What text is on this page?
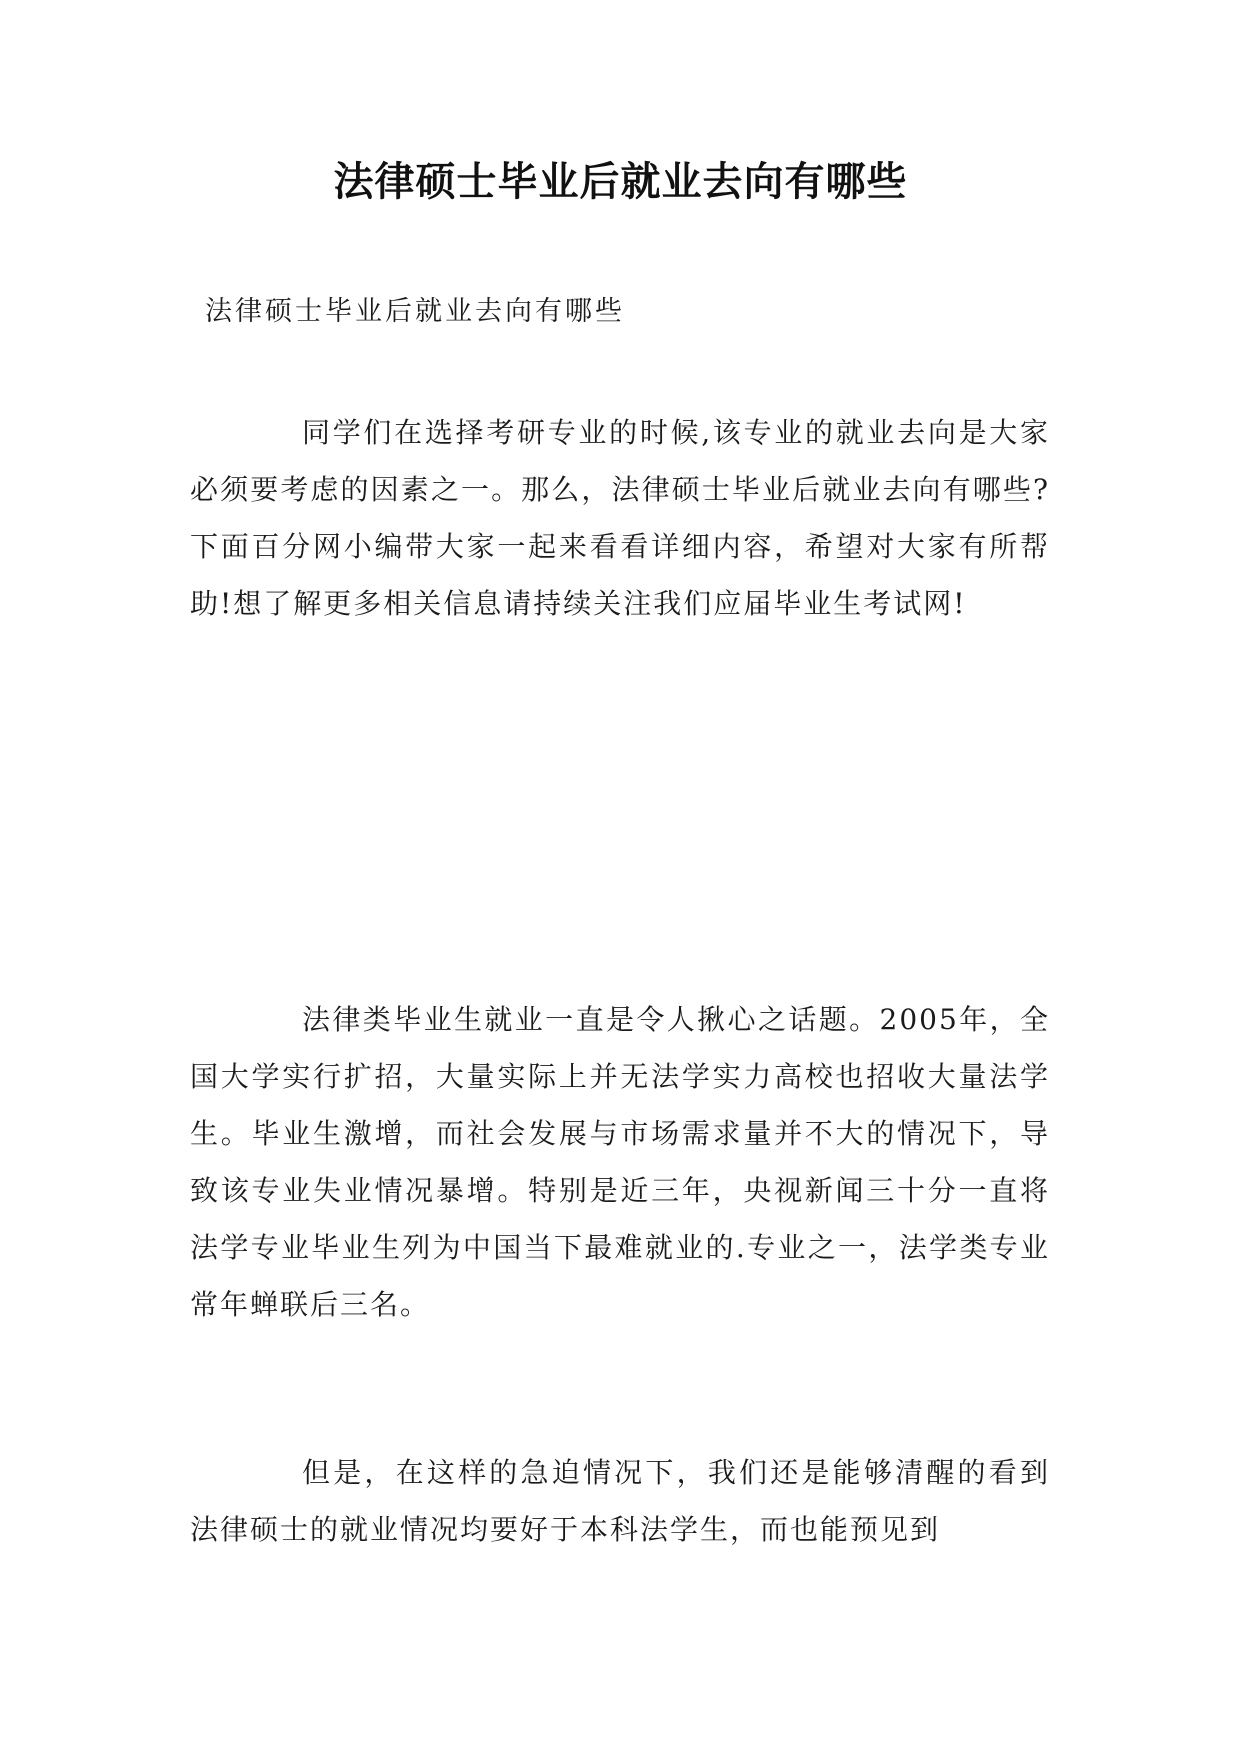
法律硕士毕业后就业去向有哪些
法律硕士毕业后就业去向有哪些

同学们在选择考研专业的时候,该专业的就业去向是大家必须要考虑的因素之一。那么，法律硕士毕业后就业去向有哪些?下面百分网小编带大家一起来看看详细内容，希望对大家有所帮助!想了解更多相关信息请持续关注我们应届毕业生考试网!

法律类毕业生就业一直是令人揪心之话题。2005年，全国大学实行扩招，大量实际上并无法学实力高校也招收大量法学生。毕业生激增，而社会发展与市场需求量并不大的情况下，导致该专业失业情况暴增。特别是近三年，央视新闻三十分一直将法学专业毕业生列为中国当下最难就业的.专业之一，法学类专业常年蝉联后三名。

但是，在这样的急迫情况下，我们还是能够清醒的看到法律硕士的就业情况均要好于本科法学生，而也能预见到
